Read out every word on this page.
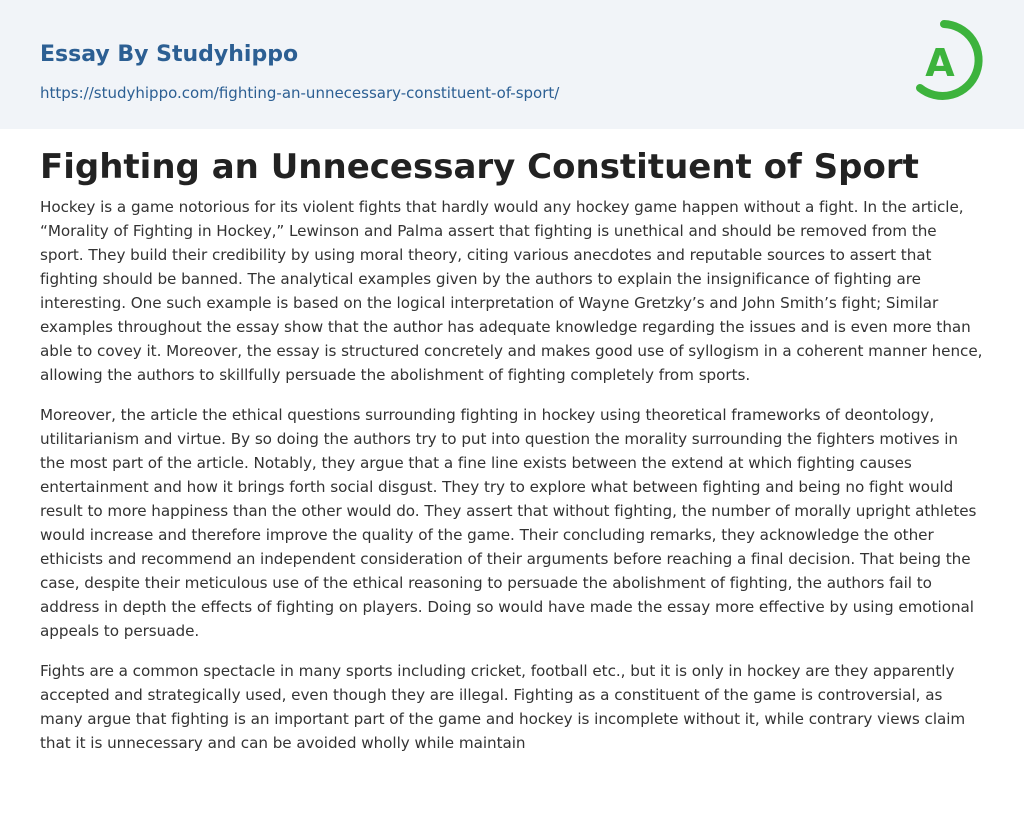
Essay By Studyhippo
https://studyhippo.com/fighting-an-unnecessary-constituent-of-sport/
A
Fighting an Unnecessary Constituent of Sport

Hockey is a game notorious for its violent fights that hardly would any hockey game happen without a fight. In the article, “Morality of Fighting in Hockey,” Lewinson and Palma assert that fighting is unethical and should be removed from the sport. They build their credibility by using moral theory, citing various anecdotes and reputable sources to assert that fighting should be banned. The analytical examples given by the authors to explain the insignificance of fighting are interesting. One such example is based on the logical interpretation of Wayne Gretzky’s and John Smith’s fight; Similar examples throughout the essay show that the author has adequate knowledge regarding the issues and is even more than able to covey it. Moreover, the essay is structured concretely and makes good use of syllogism in a coherent manner hence, allowing the authors to skillfully persuade the abolishment of fighting completely from sports.

Moreover, the article the ethical questions surrounding fighting in hockey using theoretical frameworks of deontology, utilitarianism and virtue. By so doing the authors try to put into question the morality surrounding the fighters motives in the most part of the article. Notably, they argue that a fine line exists between the extend at which fighting causes entertainment and how it brings forth social disgust. They try to explore what between fighting and being no fight would result to more happiness than the other would do. They assert that without fighting, the number of morally upright athletes would increase and therefore improve the quality of the game. Their concluding remarks, they acknowledge the other ethicists and recommend an independent consideration of their arguments before reaching a final decision. That being the case, despite their meticulous use of the ethical reasoning to persuade the abolishment of fighting, the authors fail to address in depth the effects of fighting on players. Doing so would have made the essay more effective by using emotional appeals to persuade.

Fights are a common spectacle in many sports including cricket, football etc., but it is only in hockey are they apparently accepted and strategically used, even though they are illegal. Fighting as a constituent of the game is controversial, as many argue that fighting is an important part of the game and hockey is incomplete without it, while contrary views claim that it is unnecessary and can be avoided wholly while maintain
